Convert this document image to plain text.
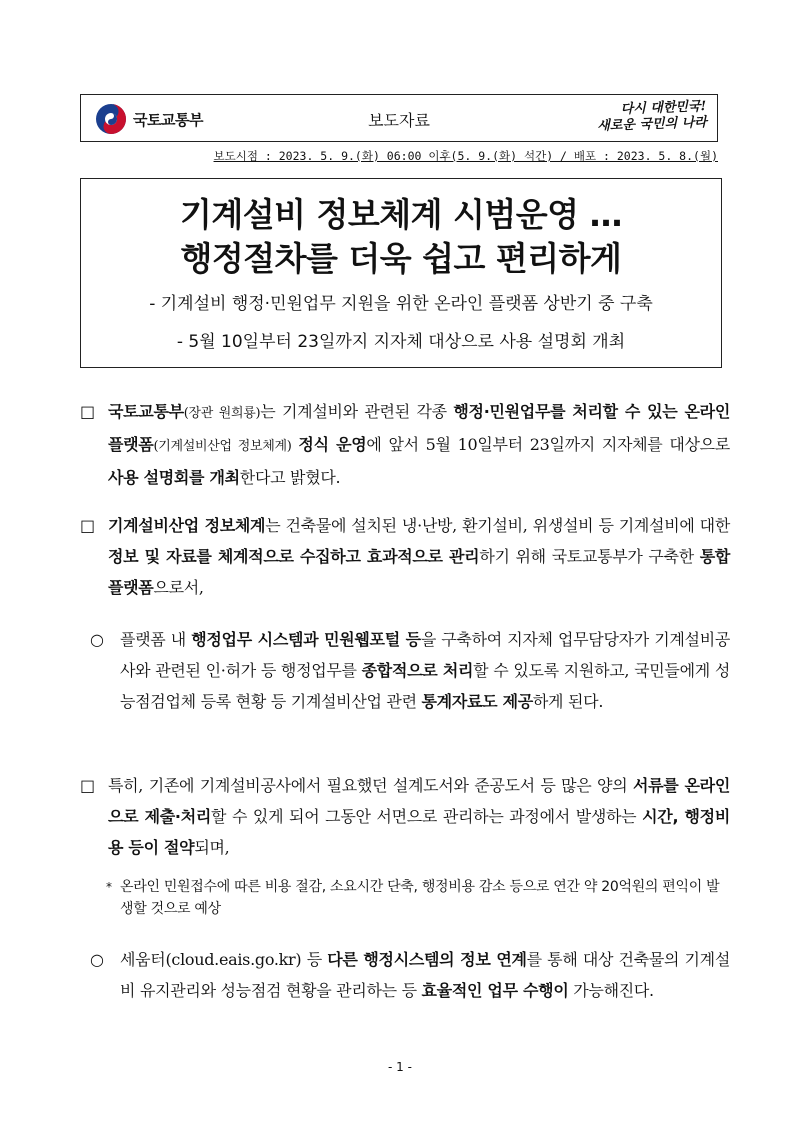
국토교통부	보도자료
다시 대한민국!
새로운 국민의 나라
보도시점 : 2023. 5. 9.(화) 06:00 이후(5. 9.(화) 석간) / 배포 : 2023. 5. 8.(월)
기계설비 정보체계 시범운영 …
행정절차를 더욱 쉽고 편리하게
- 기계설비 행정·민원업무 지원을 위한 온라인 플랫폼 상반기 중 구축
- 5월 10일부터 23일까지 지자체 대상으로 사용 설명회 개최
□ 국토교통부(장관 원희룡)는 기계설비와 관련된 각종 행정·민원업무를 처리할 수 있는 온라인 플랫폼(기계설비산업 정보체계) 정식 운영에 앞서 5월 10일부터 23일까지 지자체를 대상으로 사용 설명회를 개최한다고 밝혔다.
□ 기계설비산업 정보체계는 건축물에 설치된 냉·난방, 환기설비, 위생설비 등 기계설비에 대한 정보 및 자료를 체계적으로 수집하고 효과적으로 관리하기 위해 국토교통부가 구축한 통합 플랫폼으로서,
○	플랫폼 내 행정업무 시스템과 민원웹포털 등을 구축하여 지자체 업무담당자가 기계설비공사와 관련된 인·허가 등 행정업무를 종합적으로 처리할 수 있도록 지원하고, 국민들에게 성능점검업체 등록 현황 등 기계설비산업 관련 통계자료도 제공하게 된다.
□ 특히, 기존에 기계설비공사에서 필요했던 설계도서와 준공도서 등 많은 양의 서류를 온라인으로 제출·처리할 수 있게 되어 그동안 서면으로 관리하는 과정에서 발생하는 시간, 행정비용 등이 절약되며,
* 온라인 민원접수에 따른 비용 절감, 소요시간 단축, 행정비용 감소 등으로 연간 약 20억원의 편익이 발생할 것으로 예상
○	세움터(cloud.eais.go.kr) 등 다른 행정시스템의 정보 연계를 통해 대상 건축물의 기계설비 유지관리와 성능점검 현황을 관리하는 등 효율적인 업무 수행이 가능해진다.
- 1 -
